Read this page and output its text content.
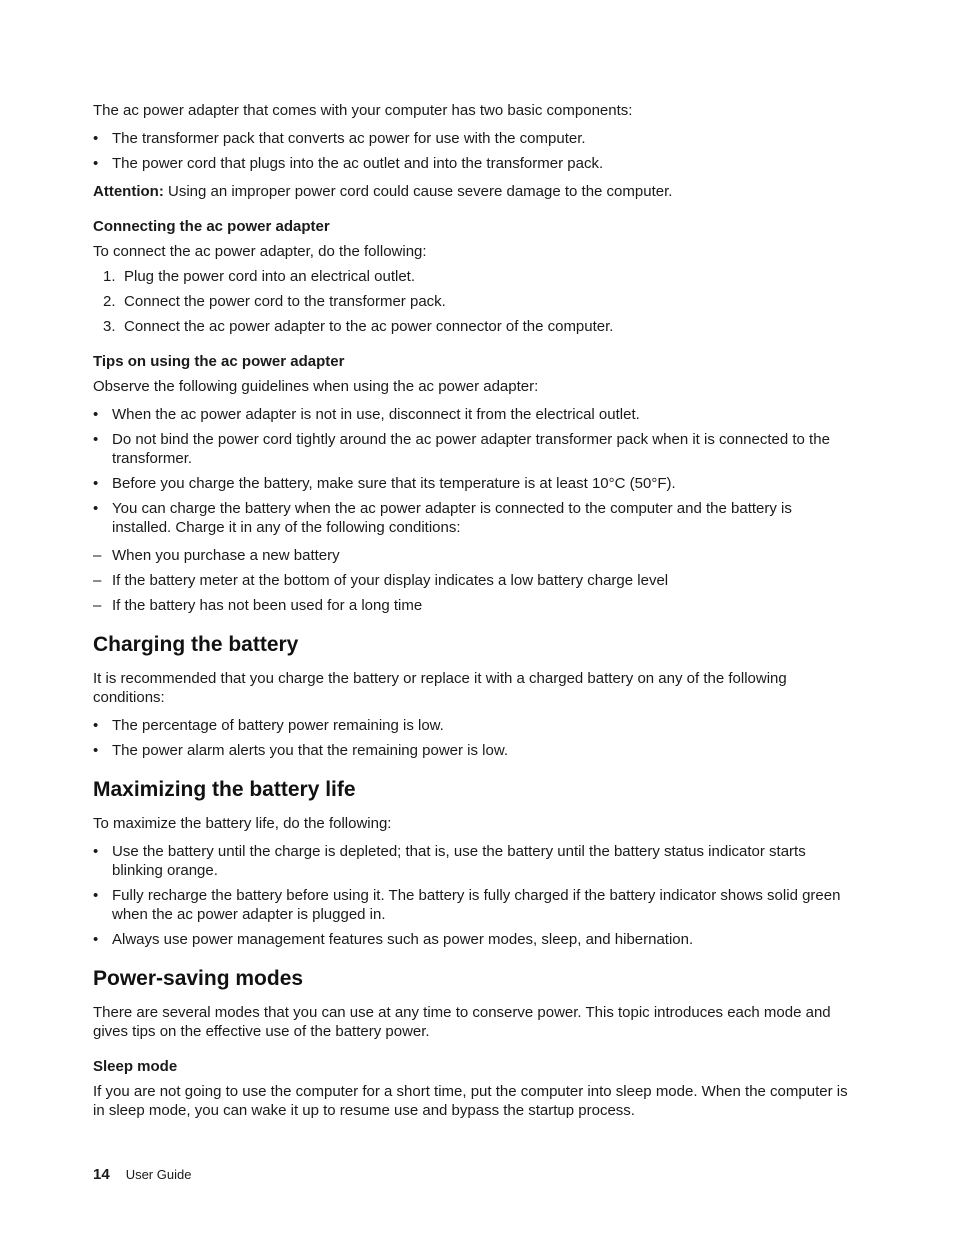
The ac power adapter that comes with your computer has two basic components:

• The transformer pack that converts ac power for use with the computer.
• The power cord that plugs into the ac outlet and into the transformer pack.

Attention: Using an improper power cord could cause severe damage to the computer.

Connecting the ac power adapter

To connect the ac power adapter, do the following:

1. Plug the power cord into an electrical outlet.
2. Connect the power cord to the transformer pack.
3. Connect the ac power adapter to the ac power connector of the computer.
Tips on using the ac power adapter

Observe the following guidelines when using the ac power adapter:

• When the ac power adapter is not in use, disconnect it from the electrical outlet.
• Do not bind the power cord tightly around the ac power adapter transformer pack when it is connected to the transformer.
• Before you charge the battery, make sure that its temperature is at least 10°C (50°F).
• You can charge the battery when the ac power adapter is connected to the computer and the battery is installed. Charge it in any of the following conditions:
– When you purchase a new battery
– If the battery meter at the bottom of your display indicates a low battery charge level
– If the battery has not been used for a long time
Charging the battery

It is recommended that you charge the battery or replace it with a charged battery on any of the following conditions:

• The percentage of battery power remaining is low.
• The power alarm alerts you that the remaining power is low.
Maximizing the battery life

To maximize the battery life, do the following:

• Use the battery until the charge is depleted; that is, use the battery until the battery status indicator starts blinking orange.
• Fully recharge the battery before using it. The battery is fully charged if the battery indicator shows solid green when the ac power adapter is plugged in.
• Always use power management features such as power modes, sleep, and hibernation.
Power-saving modes

There are several modes that you can use at any time to conserve power. This topic introduces each mode and gives tips on the effective use of the battery power.

Sleep mode

If you are not going to use the computer for a short time, put the computer into sleep mode. When the computer is in sleep mode, you can wake it up to resume use and bypass the startup process.

14 User Guide
